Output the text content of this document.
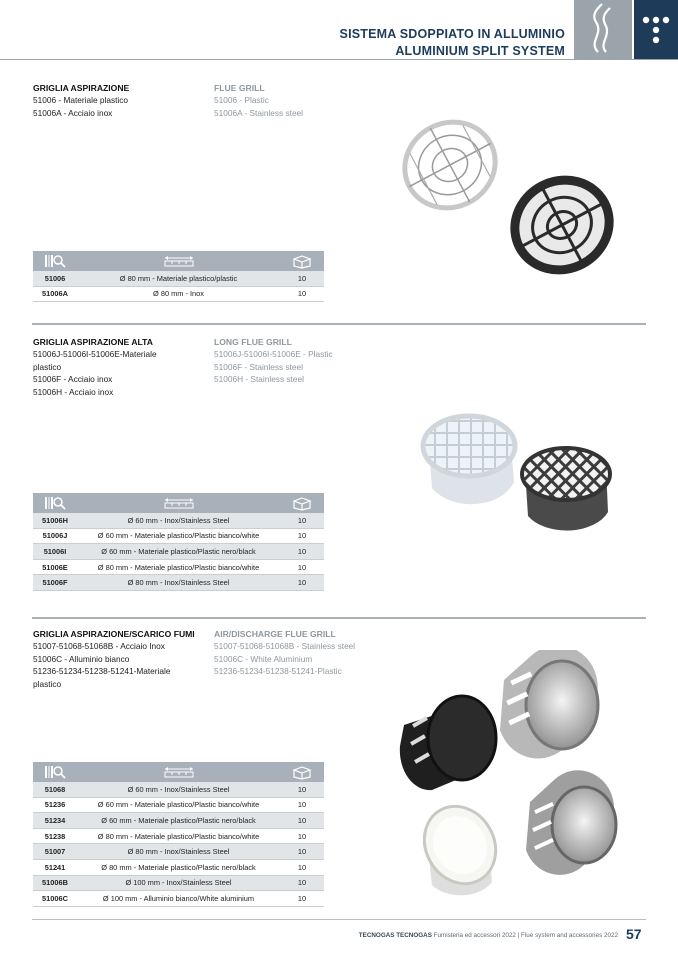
SISTEMA SDOPPIATO IN ALLUMINIO
ALUMINIUM SPLIT SYSTEM
GRIGLIA ASPIRAZIONE
51006 - Materiale plastico
51006A - Acciaio inox
FLUE GRILL
51006 - Plastic
51006A - Stainless steel

51006	Ø 80 mm - Materiale plastico/plastic	10
51006A	Ø 80 mm - Inox	10
GRIGLIA ASPIRAZIONE ALTA
51006J-51006I-51006E-Materiale
plastico
51006F - Acciaio inox
51006H - Acciaio inox
LONG FLUE GRILL
51006J-51006I-51006E - Plastic
51006F - Stainless steel
51006H - Stainless steel

51006H	Ø 60 mm - Inox/Stainless Steel	10
51006J	Ø 60 mm - Materiale plastico/Plastic bianco/white	10
51006I	Ø 60 mm - Materiale plastico/Plastic nero/black	10
51006E	Ø 80 mm - Materiale plastico/Plastic bianco/white	10
51006F	Ø 80 mm - Inox/Stainless Steel	10
GRIGLIA ASPIRAZIONE/SCARICO FUMI
51007-51068-51068B - Acciaio Inox
51006C - Alluminio bianco
51236-51234-51238-51241-Materiale
plastico
AIR/DISCHARGE FLUE GRILL
51007-51068-51068B - Stainless steel
51006C - White Aluminium
51236-51234-51238-51241-Plastic

51068	Ø 60 mm - Inox/Stainless Steel	10
51236	Ø 60 mm - Materiale plastico/Plastic bianco/white	10
51234	Ø 60 mm - Materiale plastico/Plastic nero/black	10
51238	Ø 80 mm - Materiale plastico/Plastic bianco/white	10
51007	Ø 80 mm - Inox/Stainless Steel	10
51241	Ø 80 mm - Materiale plastico/Plastic nero/black	10
51006B	Ø 100 mm - Inox/Stainless Steel	10
51006C	Ø 100 mm - Alluminio bianco/White aluminium	10
TECNOGAS TECNOGAS Fumisteria ed accessori 2022 | Flue system and accessories 2022 57
